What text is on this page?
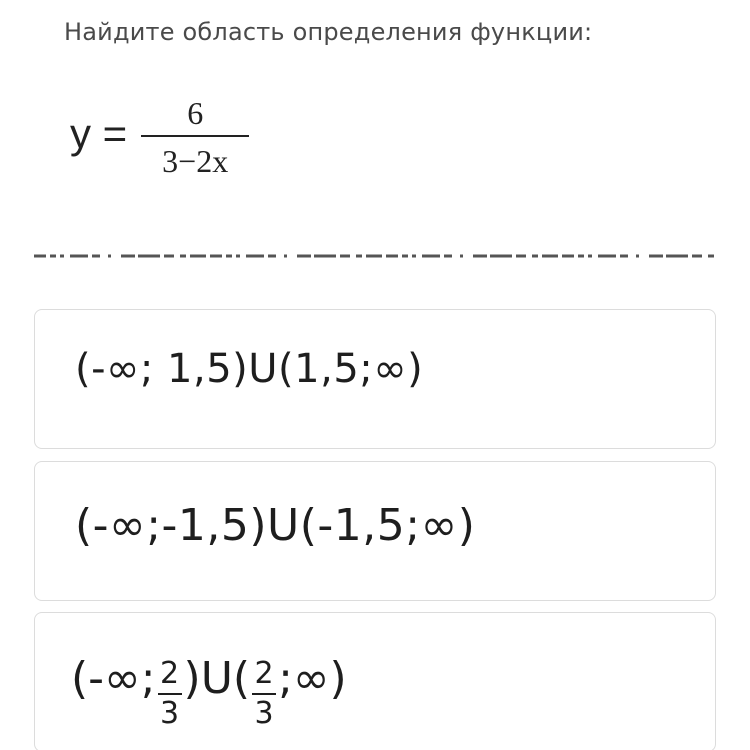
Найдите область определения функции:
$y = \frac{6}{3-2x}$
(-∞; 1,5)U(1,5;∞)
(-∞;-1,5)U(-1,5;∞)
(-∞; 2
3
)U( 2
3
;∞)
